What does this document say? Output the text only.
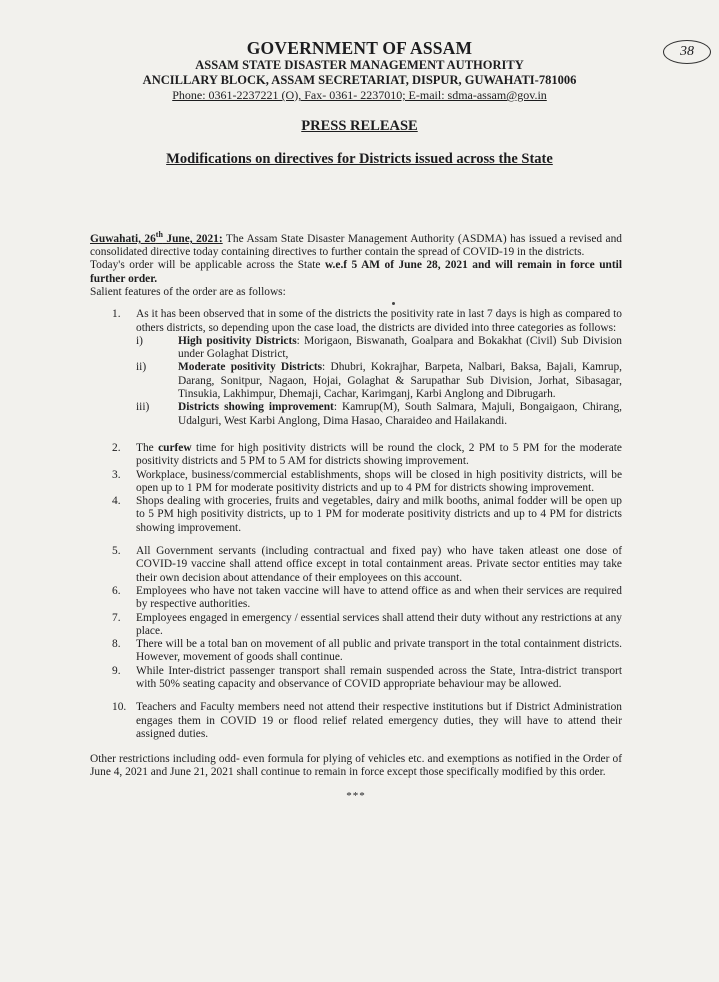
38
GOVERNMENT OF ASSAM
ASSAM STATE DISASTER MANAGEMENT AUTHORITY
ANCILLARY BLOCK, ASSAM SECRETARIAT, DISPUR, GUWAHATI-781006
Phone: 0361-2237221 (O), Fax- 0361- 2237010; E-mail: sdma-assam@gov.in
PRESS RELEASE
Modifications on directives for Districts issued across the State

Guwahati, 26th June, 2021: The Assam State Disaster Management Authority (ASDMA) has issued a revised and consolidated directive today containing directives to further contain the spread of COVID-19 in the districts.

Today's order will be applicable across the State w.e.f 5 AM of June 28, 2021 and will remain in force until further order.

Salient features of the order are as follows:

1. As it has been observed that in some of the districts the positivity rate in last 7 days is high as compared to others districts, so depending upon the case load, the districts are divided into three categories as follows:
i)	High positivity Districts: Morigaon, Biswanath, Goalpara and Bokakhat (Civil) Sub Division under Golaghat District,
ii)	Moderate positivity Districts: Dhubri, Kokrajhar, Barpeta, Nalbari, Baksa, Bajali, Kamrup, Darang, Sonitpur, Nagaon, Hojai, Golaghat & Sarupathar Sub Division, Jorhat, Sibasagar, Tinsukia, Lakhimpur, Dhemaji, Cachar, Karimganj, Karbi Anglong and Dibrugarh.
iii)	Districts showing improvement: Kamrup(M), South Salmara, Majuli, Bongaigaon, Chirang, Udalguri, West Karbi Anglong, Dima Hasao, Charaideo and Hailakandi.
2. The curfew time for high positivity districts will be round the clock, 2 PM to 5 PM for the moderate positivity districts and 5 PM to 5 AM for districts showing improvement.
3. Workplace, business/commercial establishments, shops will be closed in high positivity districts, will be open up to 1 PM for moderate positivity districts and up to 4 PM for districts showing improvement.
4. Shops dealing with groceries, fruits and vegetables, dairy and milk booths, animal fodder will be open up to 5 PM high positivity districts, up to 1 PM for moderate positivity districts and up to 4 PM for districts showing improvement.
5. All Government servants (including contractual and fixed pay) who have taken atleast one dose of COVID-19 vaccine shall attend office except in total containment areas. Private sector entities may take their own decision about attendance of their employees on this account.
6. Employees who have not taken vaccine will have to attend office as and when their services are required by respective authorities.
7. Employees engaged in emergency / essential services shall attend their duty without any restrictions at any place.
8. There will be a total ban on movement of all public and private transport in the total containment districts. However, movement of goods shall continue.
9. While Inter-district passenger transport shall remain suspended across the State, Intra-district transport with 50% seating capacity and observance of COVID appropriate behaviour may be allowed.
10. Teachers and Faculty members need not attend their respective institutions but if District Administration engages them in COVID 19 or flood relief related emergency duties, they will have to attend their assigned duties.

Other restrictions including odd- even formula for plying of vehicles etc. and exemptions as notified in the Order of June 4, 2021 and June 21, 2021 shall continue to remain in force except those specifically modified by this order.

***
